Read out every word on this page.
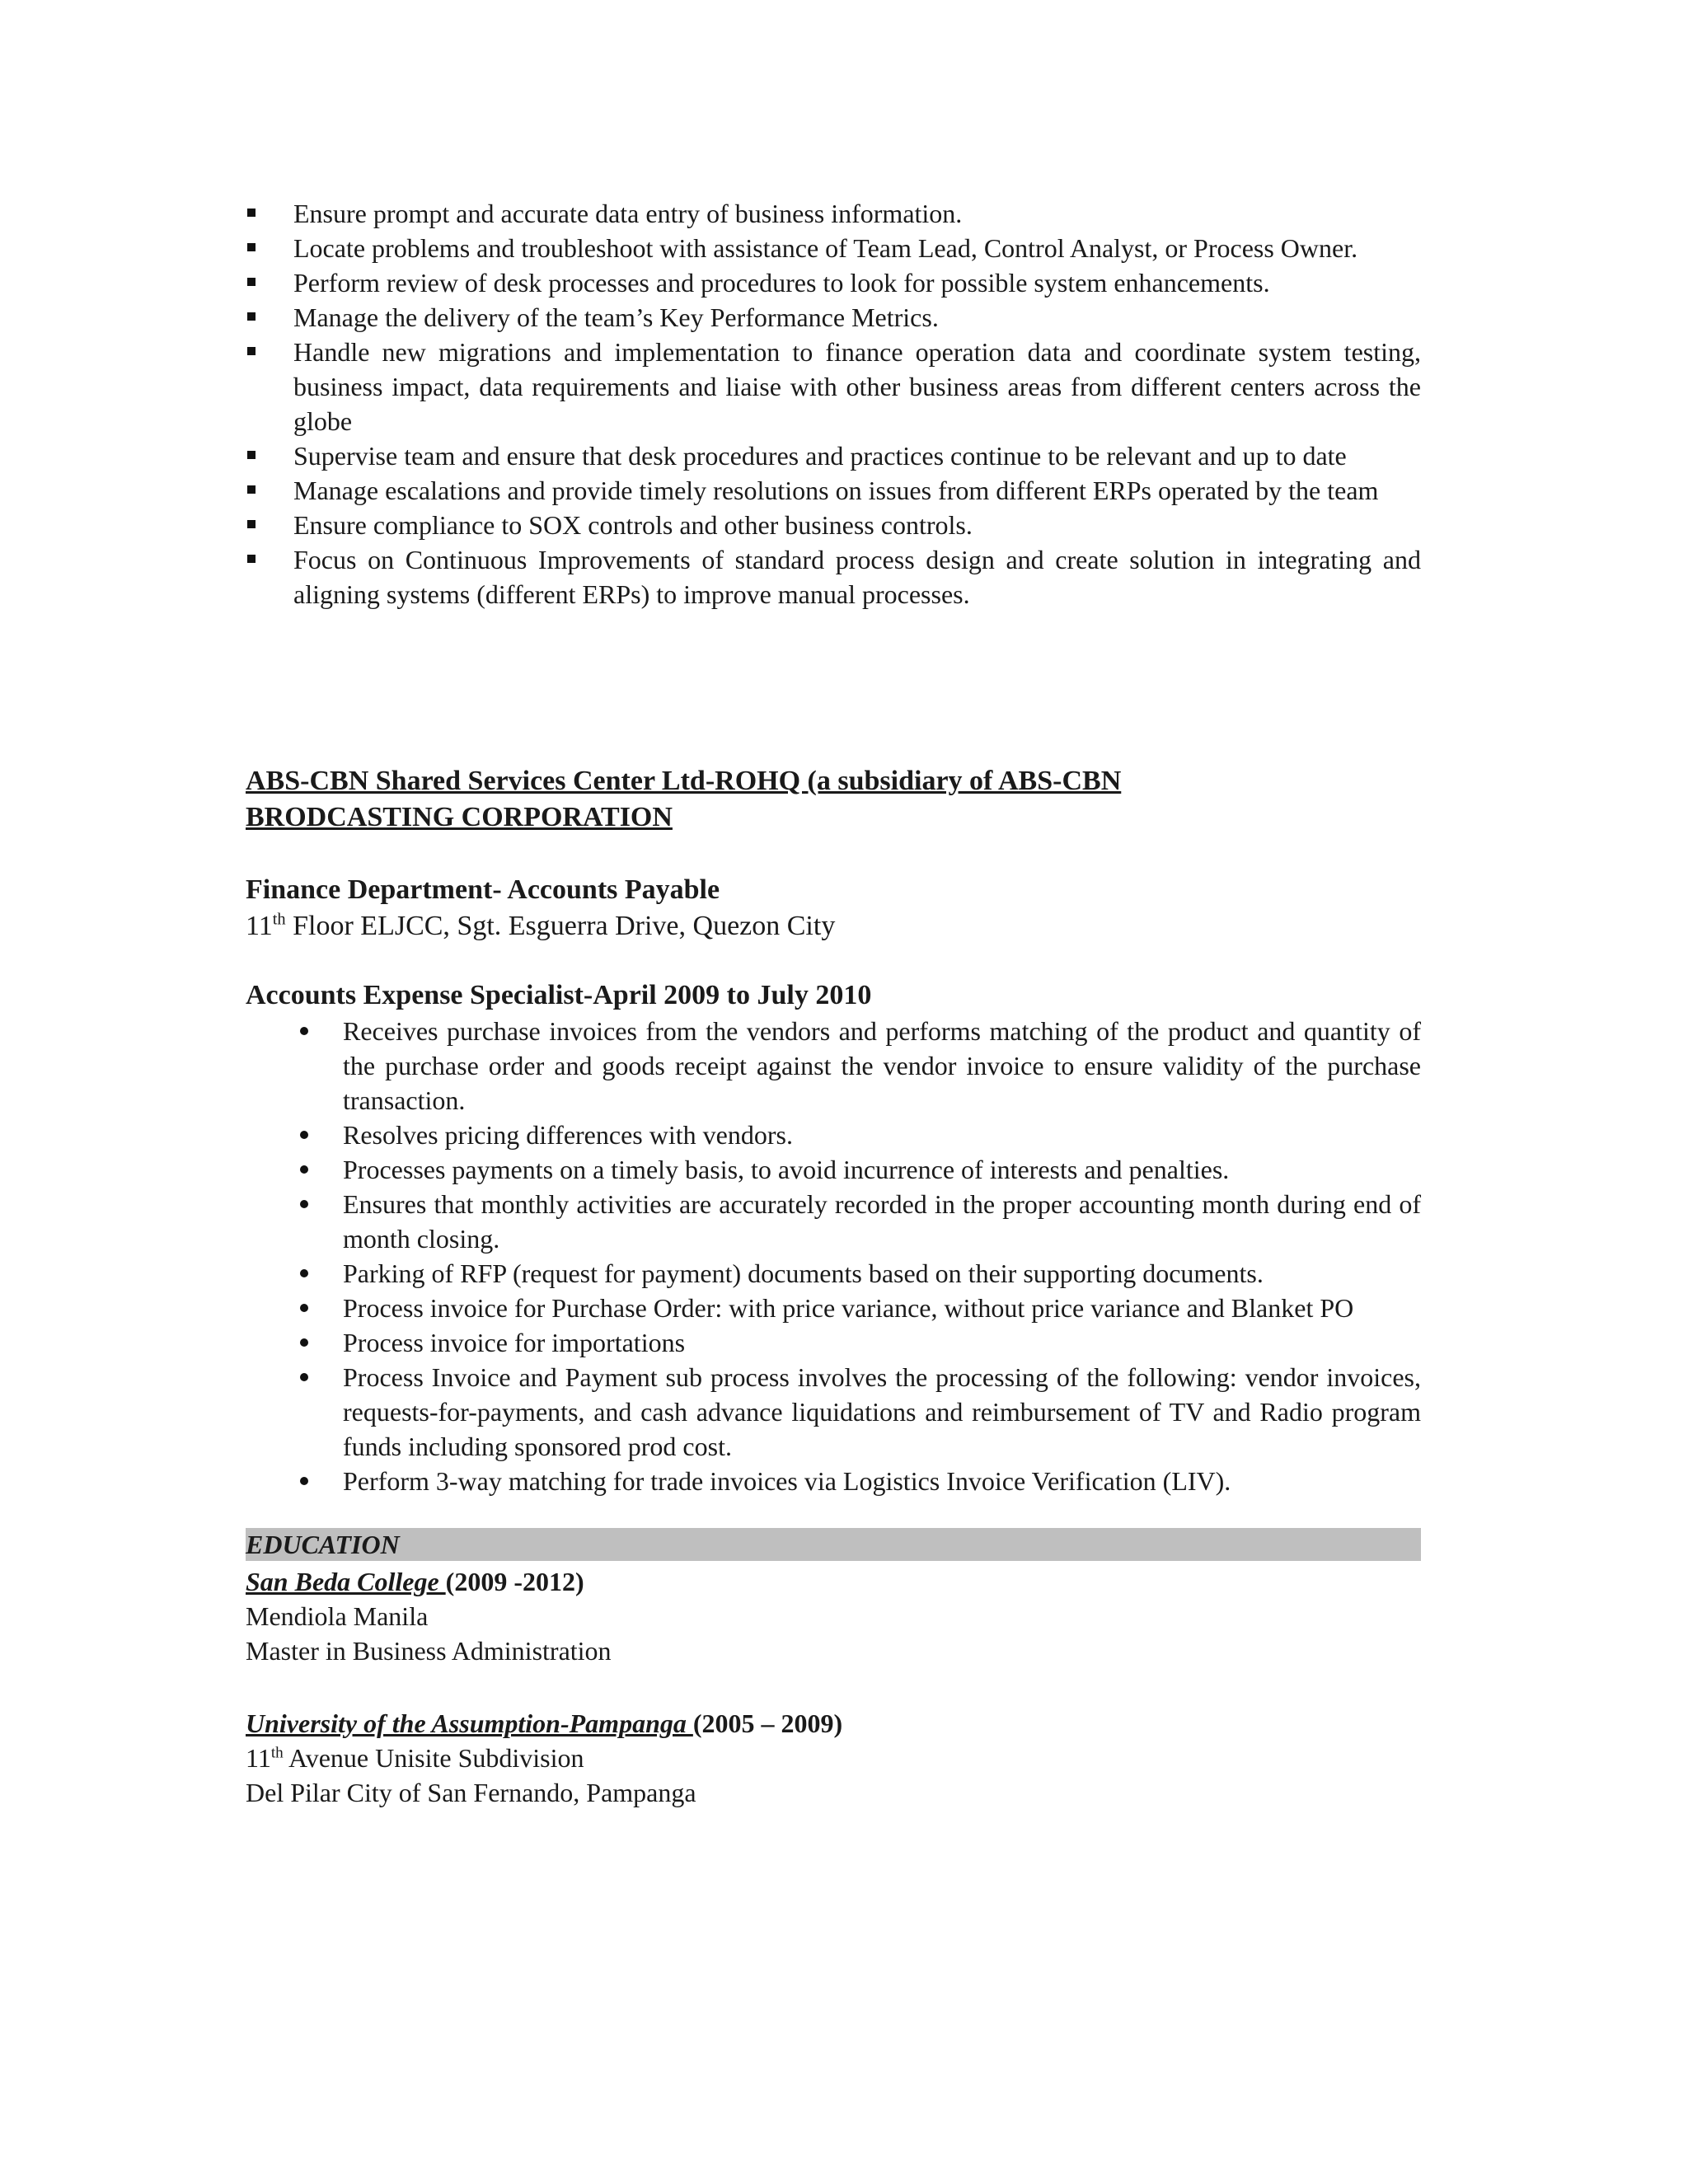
Ensure prompt and accurate data entry of business information.
Locate problems and troubleshoot with assistance of Team Lead, Control Analyst, or Process Owner.
Perform review of desk processes and procedures to look for possible system enhancements.
Manage the delivery of the team’s Key Performance Metrics.
Handle new migrations and implementation to finance operation data and coordinate system testing, business impact, data requirements and liaise with other business areas from different centers across the globe
Supervise team and ensure that desk procedures and practices continue to be relevant and up to date
Manage escalations and provide timely resolutions on issues from different ERPs operated by the team
Ensure compliance to SOX controls and other business controls.
Focus on Continuous Improvements of standard process design and create solution in integrating and aligning systems (different ERPs) to improve manual processes.
ABS-CBN Shared Services Center Ltd-ROHQ (a subsidiary of ABS-CBN
BRODCASTING CORPORATION
Finance Department- Accounts Payable
11th Floor ELJCC, Sgt. Esguerra Drive, Quezon City
Accounts Expense Specialist-April 2009 to July 2010
Receives purchase invoices from the vendors and performs matching of the product and quantity of the purchase order and goods receipt against the vendor invoice to ensure validity of the purchase transaction.
Resolves pricing differences with vendors.
Processes payments on a timely basis, to avoid incurrence of interests and penalties.
Ensures that monthly activities are accurately recorded in the proper accounting month during end of month closing.
Parking of RFP (request for payment) documents based on their supporting documents.
Process invoice for Purchase Order: with price variance, without price variance and Blanket PO
Process invoice for importations
Process Invoice and Payment sub process involves the processing of the following: vendor invoices, requests-for-payments, and cash advance liquidations and reimbursement of TV and Radio program funds including sponsored prod cost.
Perform 3-way matching for trade invoices via Logistics Invoice Verification (LIV).
EDUCATION
San Beda College (2009 -2012)
Mendiola Manila
Master in Business Administration
University of the Assumption-Pampanga (2005 – 2009)
11th Avenue Unisite Subdivision
Del Pilar City of San Fernando, Pampanga
